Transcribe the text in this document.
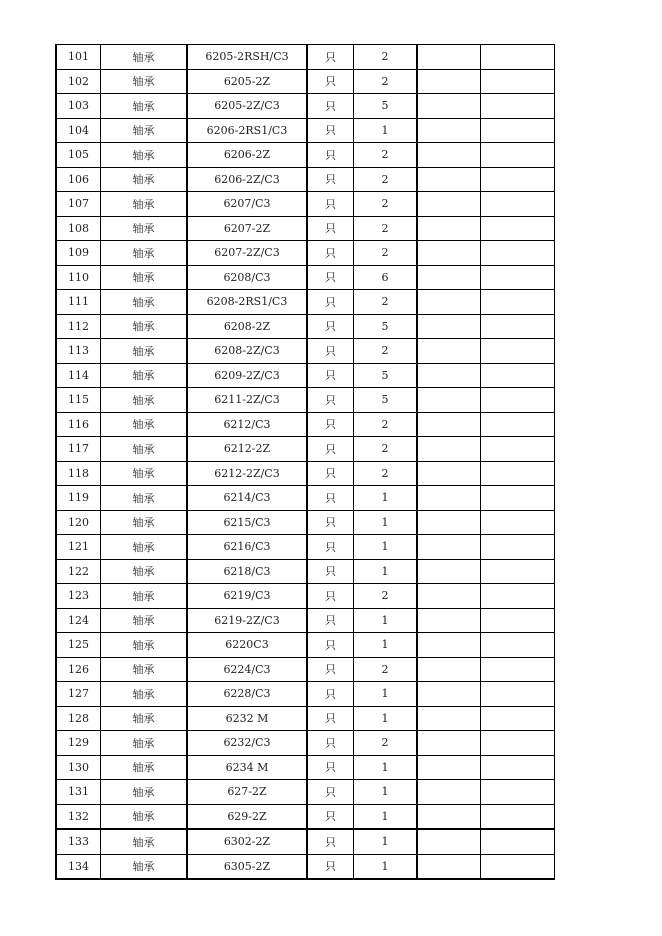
101	轴承	6205-2RSH/C3	只	2		
102	轴承	6205-2Z	只	2		
103	轴承	6205-2Z/C3	只	5		
104	轴承	6206-2RS1/C3	只	1		
105	轴承	6206-2Z	只	2		
106	轴承	6206-2Z/C3	只	2		
107	轴承	6207/C3	只	2		
108	轴承	6207-2Z	只	2		
109	轴承	6207-2Z/C3	只	2		
110	轴承	6208/C3	只	6		
111	轴承	6208-2RS1/C3	只	2		
112	轴承	6208-2Z	只	5		
113	轴承	6208-2Z/C3	只	2		
114	轴承	6209-2Z/C3	只	5		
115	轴承	6211-2Z/C3	只	5		
116	轴承	6212/C3	只	2		
117	轴承	6212-2Z	只	2		
118	轴承	6212-2Z/C3	只	2		
119	轴承	6214/C3	只	1		
120	轴承	6215/C3	只	1		
121	轴承	6216/C3	只	1		
122	轴承	6218/C3	只	1		
123	轴承	6219/C3	只	2		
124	轴承	6219-2Z/C3	只	1		
125	轴承	6220C3	只	1		
126	轴承	6224/C3	只	2		
127	轴承	6228/C3	只	1		
128	轴承	6232 M	只	1		
129	轴承	6232/C3	只	2		
130	轴承	6234 M	只	1		
131	轴承	627-2Z	只	1		
132	轴承	629-2Z	只	1		
133	轴承	6302-2Z	只	1		
134	轴承	6305-2Z	只	1		
